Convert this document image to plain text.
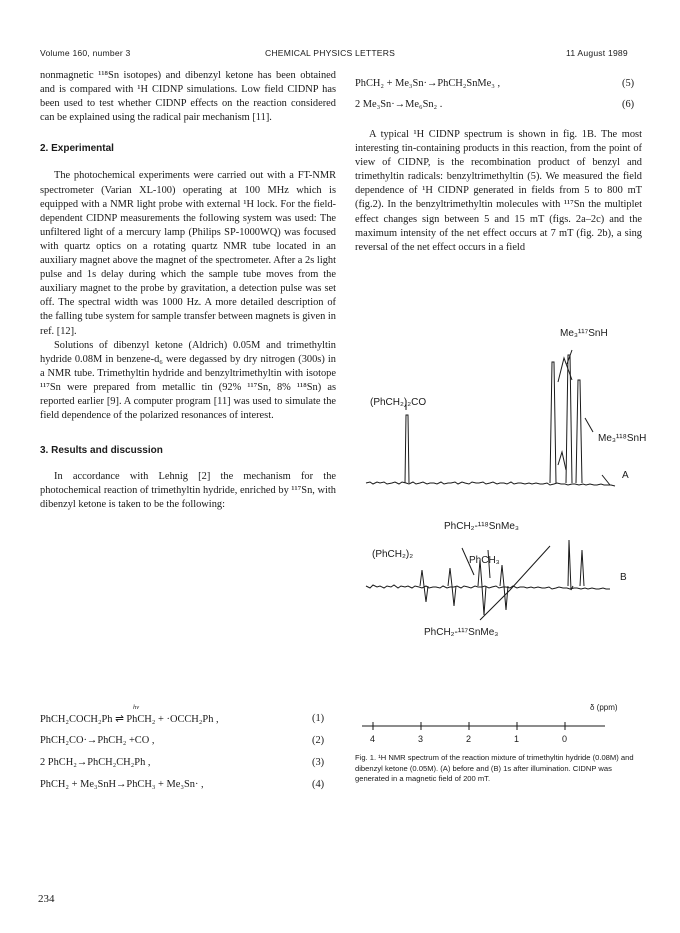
Volume 160, number 3	CHEMICAL PHYSICS LETTERS	11 August 1989

nonmagnetic ¹¹⁸Sn isotopes) and dibenzyl ketone has been obtained and is compared with ¹H CIDNP simulations. Low field CIDNP has been used to test whether CIDNP effects on the reaction considered can be explained using the radical pair mechanism [11].

2. Experimental

The photochemical experiments were carried out with a FT-NMR spectrometer (Varian XL-100) operating at 100 MHz which is equipped with a NMR light probe with external ¹H lock. For the field-dependent CIDNP measurements the following system was used: The unfiltered light of a mercury lamp (Philips SP-1000WQ) was focused with quartz optics on a rotating quartz NMR tube located in an auxiliary magnet above the magnet of the spectrometer. After a 2s light pulse and 1s delay during which the sample tube moves from the auxiliary magnet to the probe by gravitation, a detection pulse was set off. The spectral width was 1000 Hz. A more detailed description of the falling tube system for sample transfer between magnets is given in ref. [12].

Solutions of dibenzyl ketone (Aldrich) 0.05M and trimethyltin hydride 0.08M in benzene-d₆ were degassed by dry nitrogen (300s) in a NMR tube. Trimethyltin hydride and benzyltrimethyltin with isotope ¹¹⁷Sn were prepared from metallic tin (92% ¹¹⁷Sn, 8% ¹¹⁸Sn) as reported earlier [9]. A computer program [11] was used to simulate the field dependence of the polarized resonances of interest.

3. Results and discussion

In accordance with Lehnig [2] the mechanism for the photochemical reaction of trimethyltin hydride, enriched by ¹¹⁷Sn, with dibenzyl ketone is taken to be the following:

PhCH₂COCH₂Ph ⇌ PhCH₂ + ·OCCH₂Ph ,
hν
(1)
PhCH₂CO·→PhCH₂ +CO ,	(2)
2 PhCH₂→PhCH₂CH₂Ph ,	(3)
PhCH₂ + Me₃SnH→PhCH₃ + Me₃Sn· ,	(4)
PhCH₂ + Me₃Sn·→PhCH₂SnMe₃ ,	(5)
2 Me₃Sn·→Me₆Sn₂ .	(6)

A typical ¹H CIDNP spectrum is shown in fig. 1B. The most interesting tin-containing products in this reaction, from the point of view of CIDNP, is the recombination product of benzyl and trimethyltin radicals: benzyltrimethyltin (5). We measured the field dependence of ¹H CIDNP generated in fields from 5 to 800 mT (fig.2). In the benzyltrimethyltin molecules with ¹¹⁷Sn the multiplet effect changes sign between 5 and 15 mT (figs. 2a–2c) and the maximum intensity of the net effect occurs at 7 mT (fig. 2b), a sing reversal of the net effect occurs in a field

Me₃¹¹⁷SnH
(PhCH₂)₂CO
Me₃¹¹⁸SnH
A
PhCH₂-¹¹⁸SnMe₃
(PhCH₂)₂
PhCH₃
B
PhCH₂-¹¹⁷SnMe₃
δ (ppm)
4	3	2	1	0
Fig. 1. ¹H NMR spectrum of the reaction mixture of trimethyltin hydride (0.08M) and dibenzyl ketone (0.05M). (A) before and (B) 1s after illumination. CIDNP was generated in a magnetic field of 200 mT.
234
